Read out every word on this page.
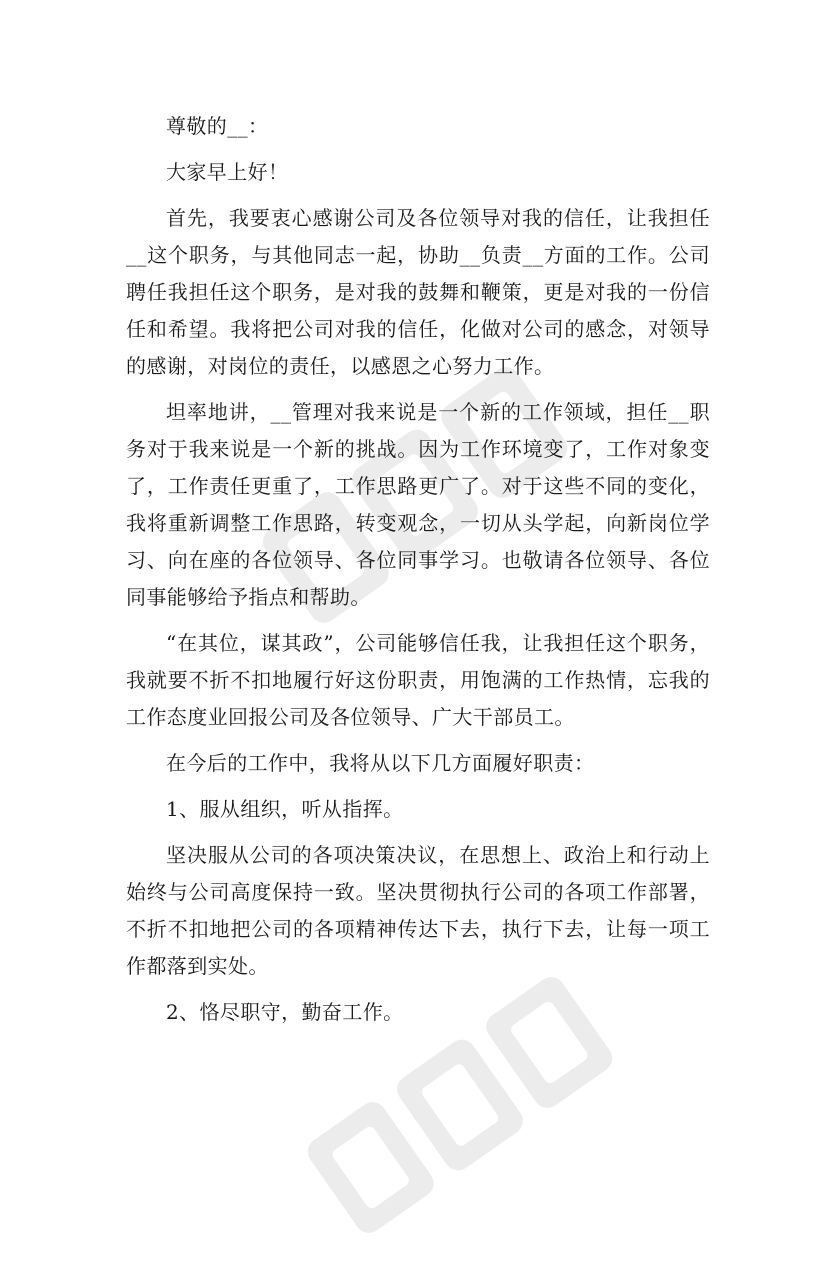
尊敬的__：

大家早上好！

首先，我要衷心感谢公司及各位领导对我的信任，让我担任__这个职务，与其他同志一起，协助__负责__方面的工作。公司聘任我担任这个职务，是对我的鼓舞和鞭策，更是对我的一份信任和希望。我将把公司对我的信任，化做对公司的感念，对领导的感谢，对岗位的责任，以感恩之心努力工作。

坦率地讲，__管理对我来说是一个新的工作领域，担任__职务对于我来说是一个新的挑战。因为工作环境变了，工作对象变了，工作责任更重了，工作思路更广了。对于这些不同的变化，我将重新调整工作思路，转变观念，一切从头学起，向新岗位学习、向在座的各位领导、各位同事学习。也敬请各位领导、各位同事能够给予指点和帮助。

“在其位，谋其政”，公司能够信任我，让我担任这个职务，我就要不折不扣地履行好这份职责，用饱满的工作热情，忘我的工作态度业回报公司及各位领导、广大干部员工。

在今后的工作中，我将从以下几方面履好职责：

1、服从组织，听从指挥。

坚决服从公司的各项决策决议，在思想上、政治上和行动上始终与公司高度保持一致。坚决贯彻执行公司的各项工作部署，不折不扣地把公司的各项精神传达下去，执行下去，让每一项工作都落到实处。

2、恪尽职守，勤奋工作。
